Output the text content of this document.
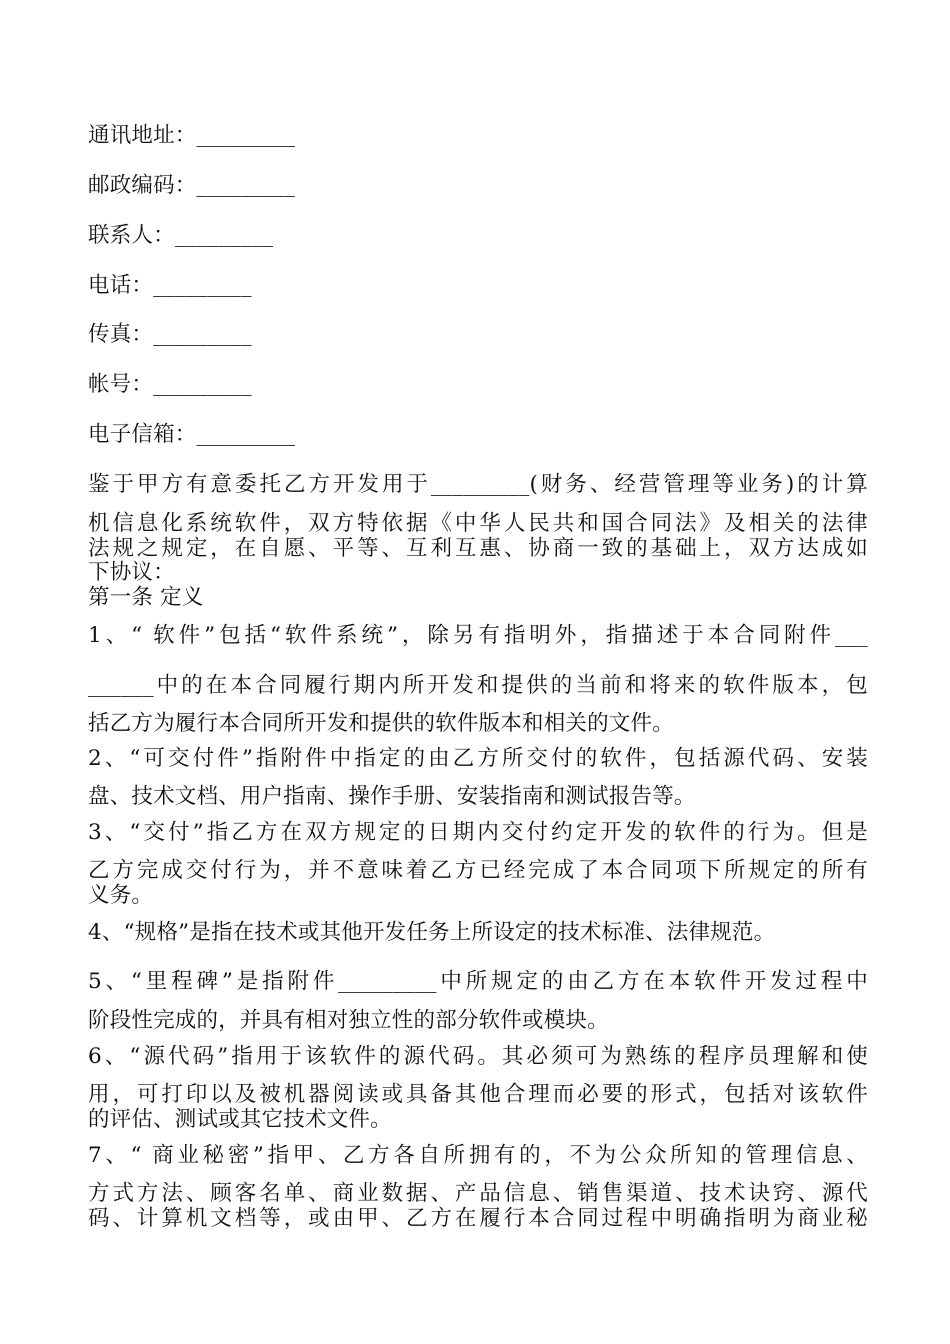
通讯地址：_________
邮政编码：_________
联系人：_________
电话：_________
传真：_________
帐号：_________
电子信箱：_________
鉴于甲方有意委托乙方开发用于_________(财务、经营管理等业务)的计算
机信息化系统软件，双方特依据《中华人民共和国合同法》及相关的法律
法规之规定，在自愿、平等、互利互惠、协商一致的基础上，双方达成如
下协议：
第一条 定义
1、“ 软件”包括“软件系统”，除另有指明外，指描述于本合同附件___
______中的在本合同履行期内所开发和提供的当前和将来的软件版本，包
括乙方为履行本合同所开发和提供的软件版本和相关的文件。
2、“可交付件”指附件中指定的由乙方所交付的软件，包括源代码、安装
盘、技术文档、用户指南、操作手册、安装指南和测试报告等。
3、“交付”指乙方在双方规定的日期内交付约定开发的软件的行为。但是
乙方完成交付行为，并不意味着乙方已经完成了本合同项下所规定的所有
义务。
4、“规格”是指在技术或其他开发任务上所设定的技术标准、法律规范。
5、“里程碑”是指附件_________中所规定的由乙方在本软件开发过程中
阶段性完成的，并具有相对独立性的部分软件或模块。
6、“源代码”指用于该软件的源代码。其必须可为熟练的程序员理解和使
用，可打印以及被机器阅读或具备其他合理而必要的形式，包括对该软件
的评估、测试或其它技术文件。
7、“ 商业秘密”指甲、乙方各自所拥有的，不为公众所知的管理信息、
方式方法、顾客名单、商业数据、产品信息、销售渠道、技术诀窍、源代
码、计算机文档等，或由甲、乙方在履行本合同过程中明确指明为商业秘
